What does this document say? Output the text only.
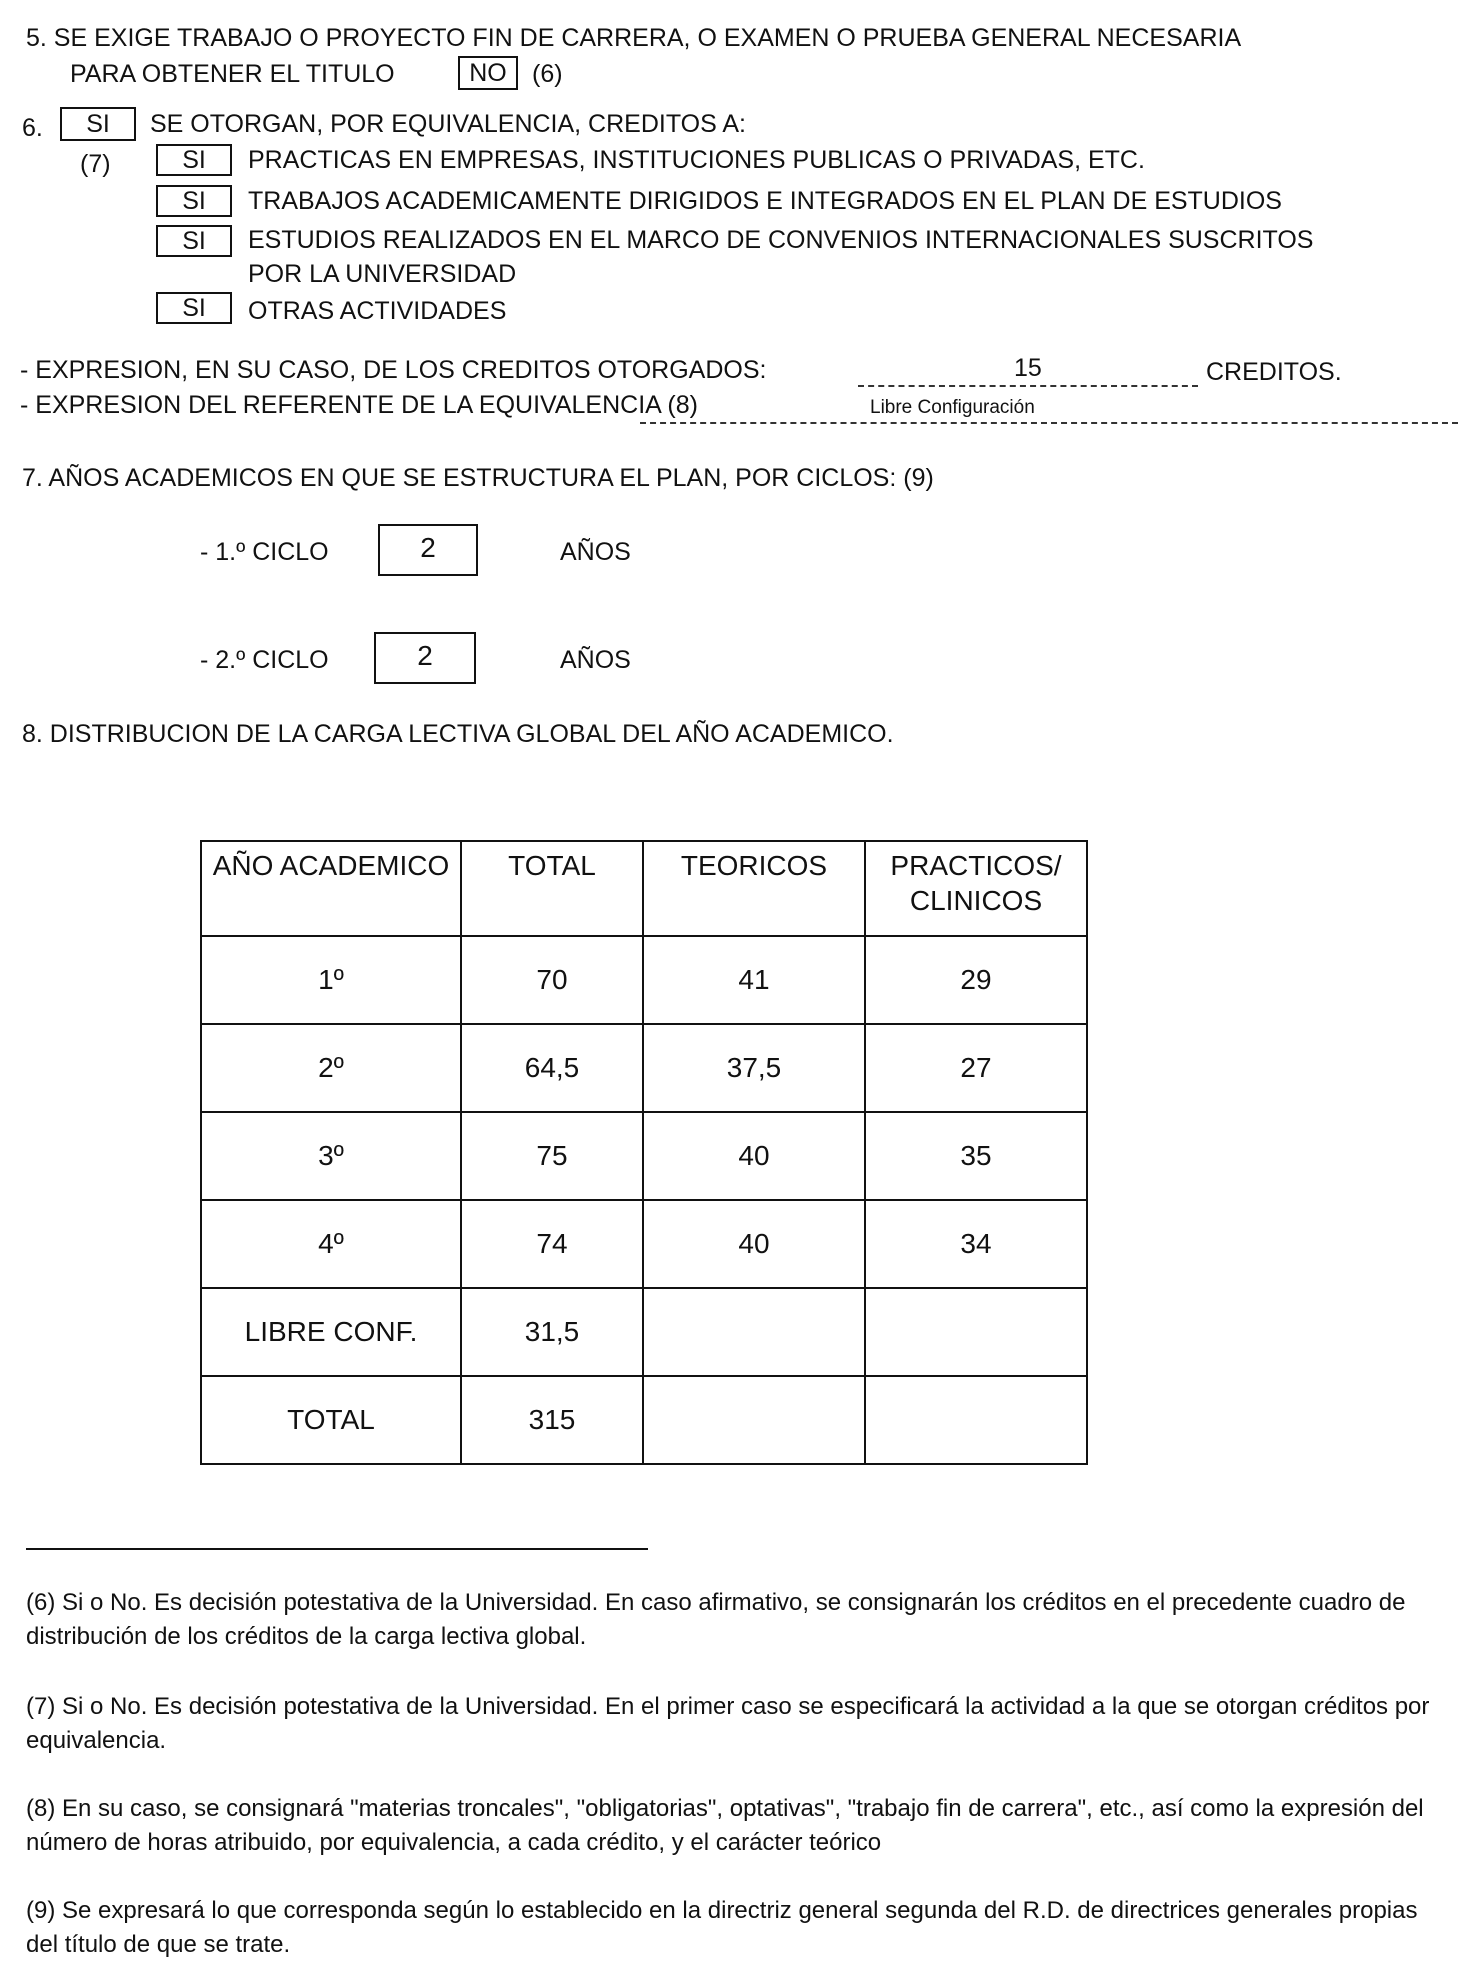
5. SE EXIGE TRABAJO O PROYECTO FIN DE CARRERA, O EXAMEN O PRUEBA GENERAL NECESARIA
PARA OBTENER EL TITULO	NO	(6)
6.	SI	SE OTORGAN, POR EQUIVALENCIA, CREDITOS A:
(7)	SI	PRACTICAS EN EMPRESAS, INSTITUCIONES PUBLICAS O PRIVADAS, ETC.
SI	TRABAJOS ACADEMICAMENTE DIRIGIDOS E INTEGRADOS EN EL PLAN DE ESTUDIOS
SI	ESTUDIOS REALIZADOS EN EL MARCO DE CONVENIOS INTERNACIONALES SUSCRITOS
POR LA UNIVERSIDAD
SI	OTRAS ACTIVIDADES
- EXPRESION, EN SU CASO, DE LOS CREDITOS OTORGADOS:	15	CREDITOS.
- EXPRESION DEL REFERENTE DE LA EQUIVALENCIA (8)	Libre Configuración
7. AÑOS ACADEMICOS EN QUE SE ESTRUCTURA EL PLAN, POR CICLOS: (9)
- 1.º CICLO	2	AÑOS
- 2.º CICLO	2	AÑOS
8. DISTRIBUCION DE LA CARGA LECTIVA GLOBAL DEL AÑO ACADEMICO.
AÑO ACADEMICO	TOTAL	TEORICOS	PRACTICOS/
CLINICOS
1º	70	41	29
2º	64,5	37,5	27
3º	75	40	35
4º	74	40	34
LIBRE CONF.	31,5		
TOTAL	315		
(6) Si o No. Es decisión potestativa de la Universidad. En caso afirmativo, se consignarán los créditos en el precedente cuadro de distribución de los créditos de la carga lectiva global.
(7) Si o No. Es decisión potestativa de la Universidad. En el primer caso se especificará la actividad a la que se otorgan créditos por equivalencia.
(8) En su caso, se consignará "materias troncales", "obligatorias", optativas", "trabajo fin de carrera", etc., así como la expresión del número de horas atribuido, por equivalencia, a cada crédito, y el carácter teórico
(9) Se expresará lo que corresponda según lo establecido en la directriz general segunda del R.D. de directrices generales propias del título de que se trate.
